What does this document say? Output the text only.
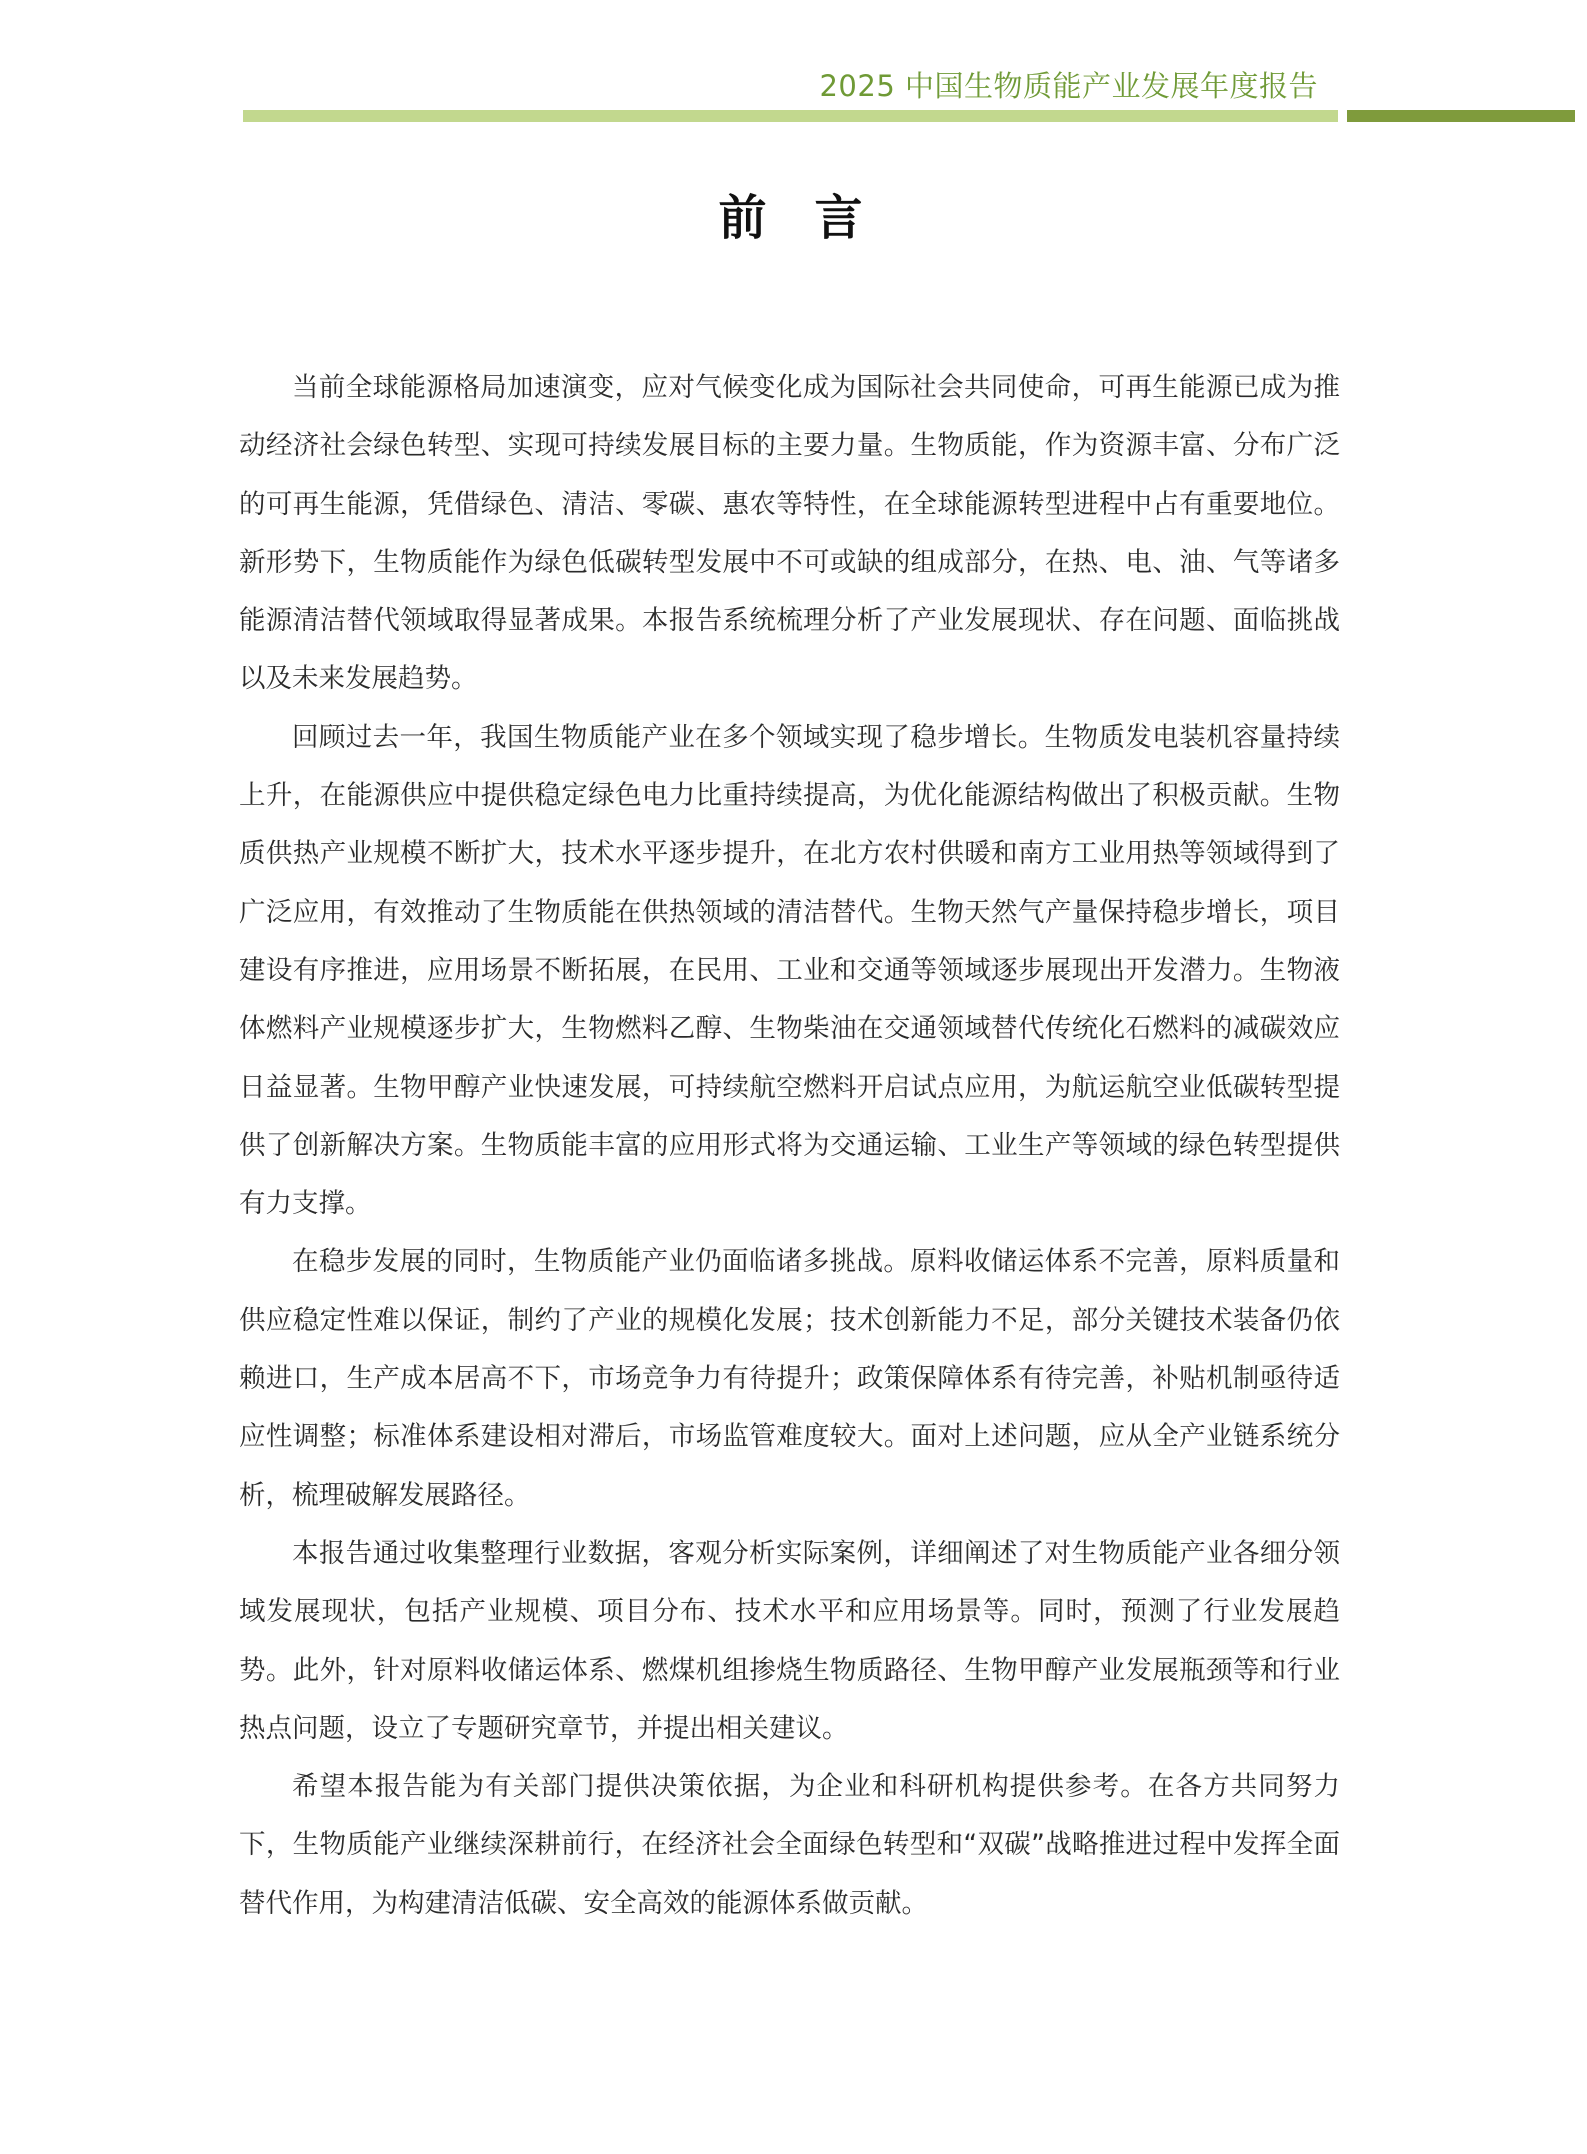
2025 中国生物质能产业发展年度报告
前言

当前全球能源格局加速演变，应对气候变化成为国际社会共同使命，可再生能源已成为推动经济社会绿色转型、实现可持续发展目标的主要力量。生物质能，作为资源丰富、分布广泛的可再生能源，凭借绿色、清洁、零碳、惠农等特性，在全球能源转型进程中占有重要地位。新形势下，生物质能作为绿色低碳转型发展中不可或缺的组成部分，在热、电、油、气等诸多能源清洁替代领域取得显著成果。本报告系统梳理分析了产业发展现状、存在问题、面临挑战以及未来发展趋势。

回顾过去一年，我国生物质能产业在多个领域实现了稳步增长。生物质发电装机容量持续上升，在能源供应中提供稳定绿色电力比重持续提高，为优化能源结构做出了积极贡献。生物质供热产业规模不断扩大，技术水平逐步提升，在北方农村供暖和南方工业用热等领域得到了广泛应用，有效推动了生物质能在供热领域的清洁替代。生物天然气产量保持稳步增长，项目建设有序推进，应用场景不断拓展，在民用、工业和交通等领域逐步展现出开发潜力。生物液体燃料产业规模逐步扩大，生物燃料乙醇、生物柴油在交通领域替代传统化石燃料的减碳效应日益显著。生物甲醇产业快速发展，可持续航空燃料开启试点应用，为航运航空业低碳转型提供了创新解决方案。生物质能丰富的应用形式将为交通运输、工业生产等领域的绿色转型提供有力支撑。

在稳步发展的同时，生物质能产业仍面临诸多挑战。原料收储运体系不完善，原料质量和供应稳定性难以保证，制约了产业的规模化发展；技术创新能力不足，部分关键技术装备仍依赖进口，生产成本居高不下，市场竞争力有待提升；政策保障体系有待完善，补贴机制亟待适应性调整；标准体系建设相对滞后，市场监管难度较大。面对上述问题，应从全产业链系统分析，梳理破解发展路径。

本报告通过收集整理行业数据，客观分析实际案例，详细阐述了对生物质能产业各细分领域发展现状，包括产业规模、项目分布、技术水平和应用场景等。同时，预测了行业发展趋势。此外，针对原料收储运体系、燃煤机组掺烧生物质路径、生物甲醇产业发展瓶颈等和行业热点问题，设立了专题研究章节，并提出相关建议。

希望本报告能为有关部门提供决策依据，为企业和科研机构提供参考。在各方共同努力下，生物质能产业继续深耕前行，在经济社会全面绿色转型和“双碳”战略推进过程中发挥全面替代作用，为构建清洁低碳、安全高效的能源体系做贡献。
